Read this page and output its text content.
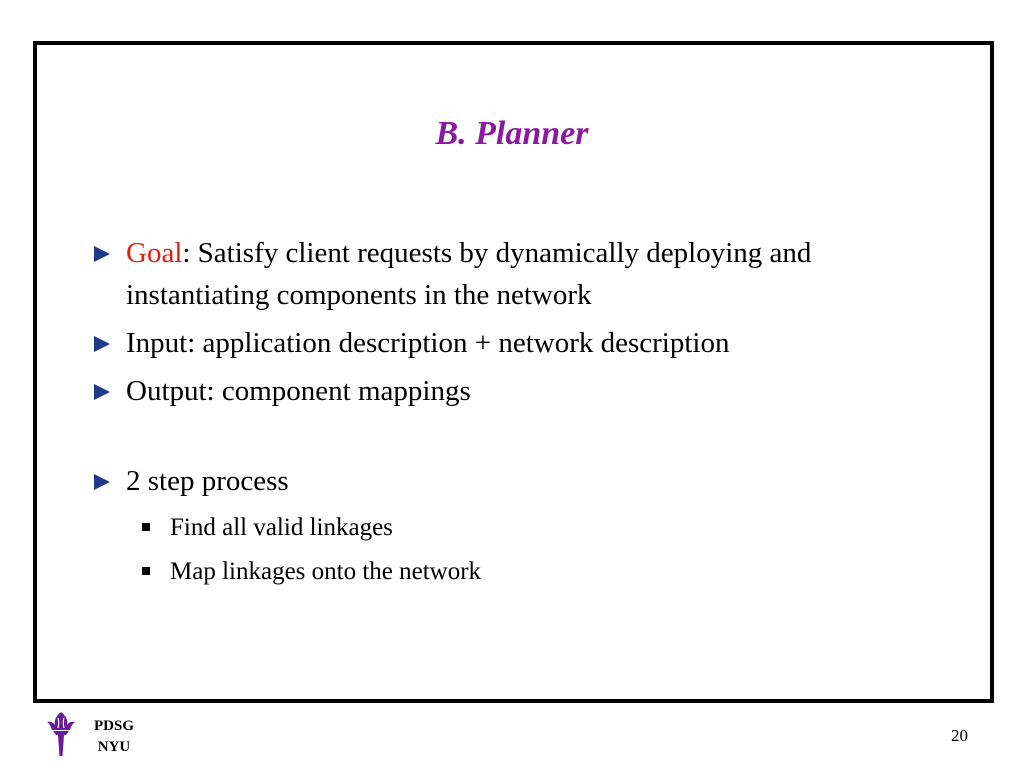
B. Planner
Goal: Satisfy client requests by dynamically deploying and instantiating components in the network
Input: application description + network description
Output: component mappings
2 step process
Find all valid linkages
Map linkages onto the network
PDSG
NYU
20
